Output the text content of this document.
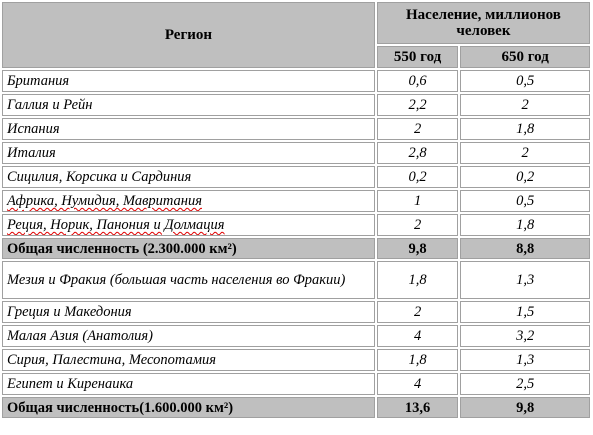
Регион	Население, миллионов человек	
	550 год	650 год
Британия	0,6	0,5
Галлия и Рейн	2,2	2
Испания	2	1,8
Италия	2,8	2
Сицилия, Корсика и Сардиния	0,2	0,2
Африка, Нумидия, Мавритания	1	0,5
Реция, Норик, Панония и Долмация	2	1,8
Общая численность (2.300.000 км²)	9,8	8,8
Мезия и Фракия (большая часть населения во Фракии)	1,8	1,3
Греция и Македония	2	1,5
Малая Азия (Анатолия)	4	3,2
Сирия, Палестина, Месопотамия	1,8	1,3
Египет и Киренаика	4	2,5
Общая численность(1.600.000 км²)	13,6	9,8
